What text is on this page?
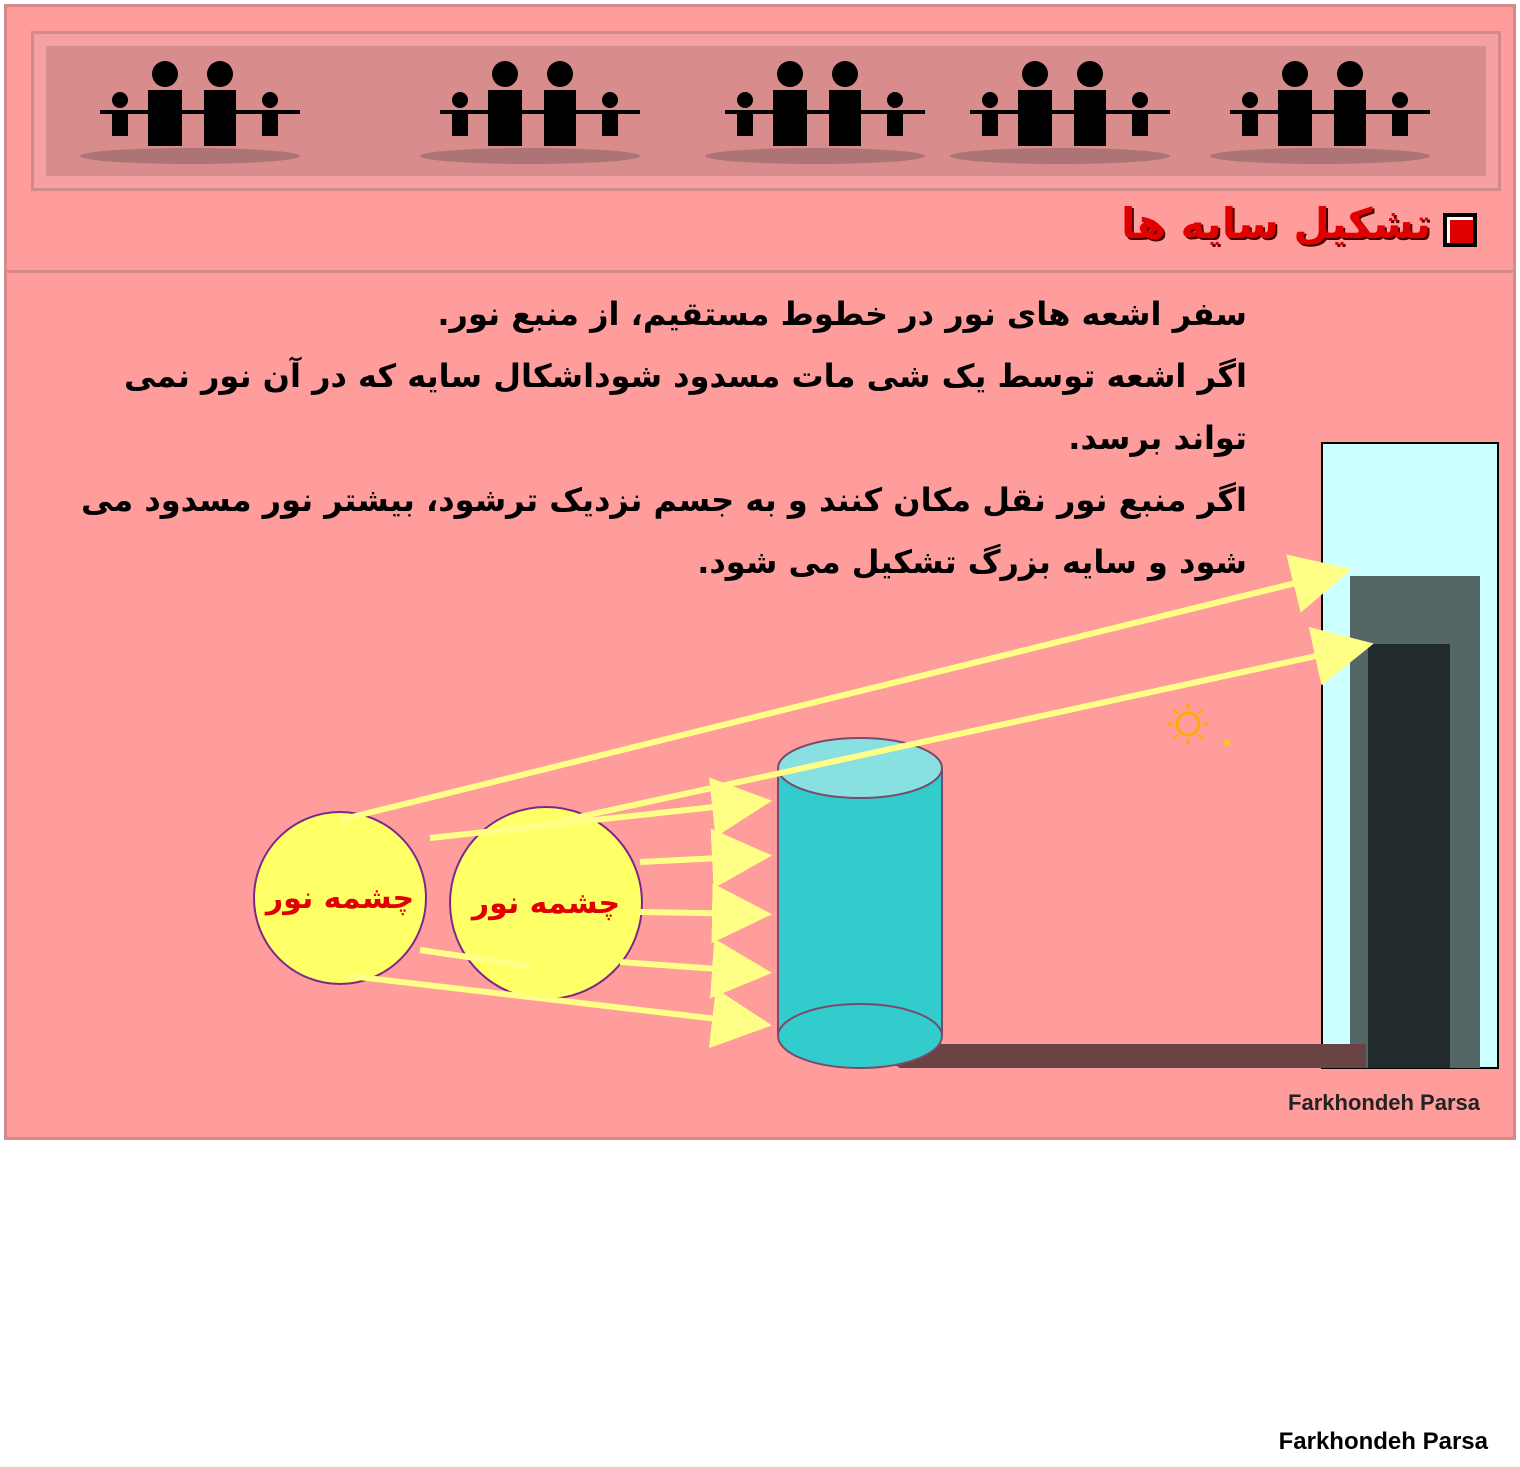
تشکیل سایه ها

سفر اشعه های نور در خطوط مستقیم، از منبع نور.

اگر اشعه توسط یک شی مات مسدود شوداشکال سایه که در آن نور نمی تواند برسد.

اگر منبع نور نقل مکان کنند و به جسم نزدیک ترشود، بیشتر نور مسدود می شود و سایه بزرگ تشکیل می شود.

چشمه نور چشمه نور
Farkhondeh Parsa
Farkhondeh Parsa
